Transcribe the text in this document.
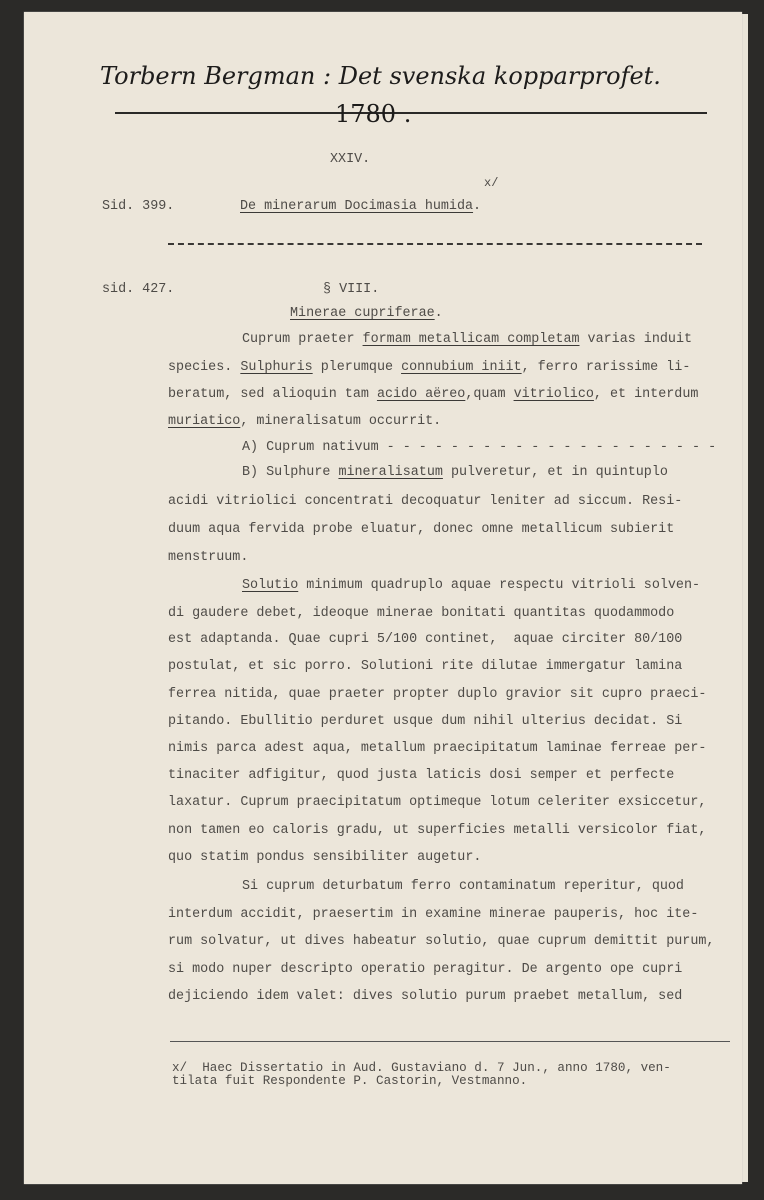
Torbern Bergman : Det svenska kopparprofet.
1780 .
XXIV.
Sid. 399.	De minerarum Docimasia humida.
x/
sid. 427.	§ VIII.
Minerae cupriferae.
Cuprum praeter formam metallicam completam varias induit
species. Sulphuris plerumque connubium iniit, ferro rarissime li-
beratum, sed alioquin tam acido aëreo,quam vitriolico, et interdum
muriatico, mineralisatum occurrit.
A) Cuprum nativum - - - - - - - - - - - - - - - - - - - - -
B) Sulphure mineralisatum pulveretur, et in quintuplo
acidi vitriolici concentrati decoquatur leniter ad siccum. Resi-
duum aqua fervida probe eluatur, donec omne metallicum subierit
menstruum.
Solutio minimum quadruplo aquae respectu vitrioli solven-
di gaudere debet, ideoque minerae bonitati quantitas quodammodo
est adaptanda. Quae cupri 5/100 continet,  aquae circiter 80/100
postulat, et sic porro. Solutioni rite dilutae immergatur lamina
ferrea nitida, quae praeter propter duplo gravior sit cupro praeci-
pitando. Ebullitio perduret usque dum nihil ulterius decidat. Si
nimis parca adest aqua, metallum praecipitatum laminae ferreae per-
tinaciter adfigitur, quod justa laticis dosi semper et perfecte
laxatur. Cuprum praecipitatum optimeque lotum celeriter exsiccetur,
non tamen eo caloris gradu, ut superficies metalli versicolor fiat,
quo statim pondus sensibiliter augetur.
Si cuprum deturbatum ferro contaminatum reperitur, quod
interdum accidit, praesertim in examine minerae pauperis, hoc ite-
rum solvatur, ut dives habeatur solutio, quae cuprum demittit purum,
si modo nuper descripto operatio peragitur. De argento ope cupri
dejiciendo idem valet: dives solutio purum praebet metallum, sed
x/  Haec Dissertatio in Aud. Gustaviano d. 7 Jun., anno 1780, ven-
tilata fuit Respondente P. Castorin, Vestmanno.
